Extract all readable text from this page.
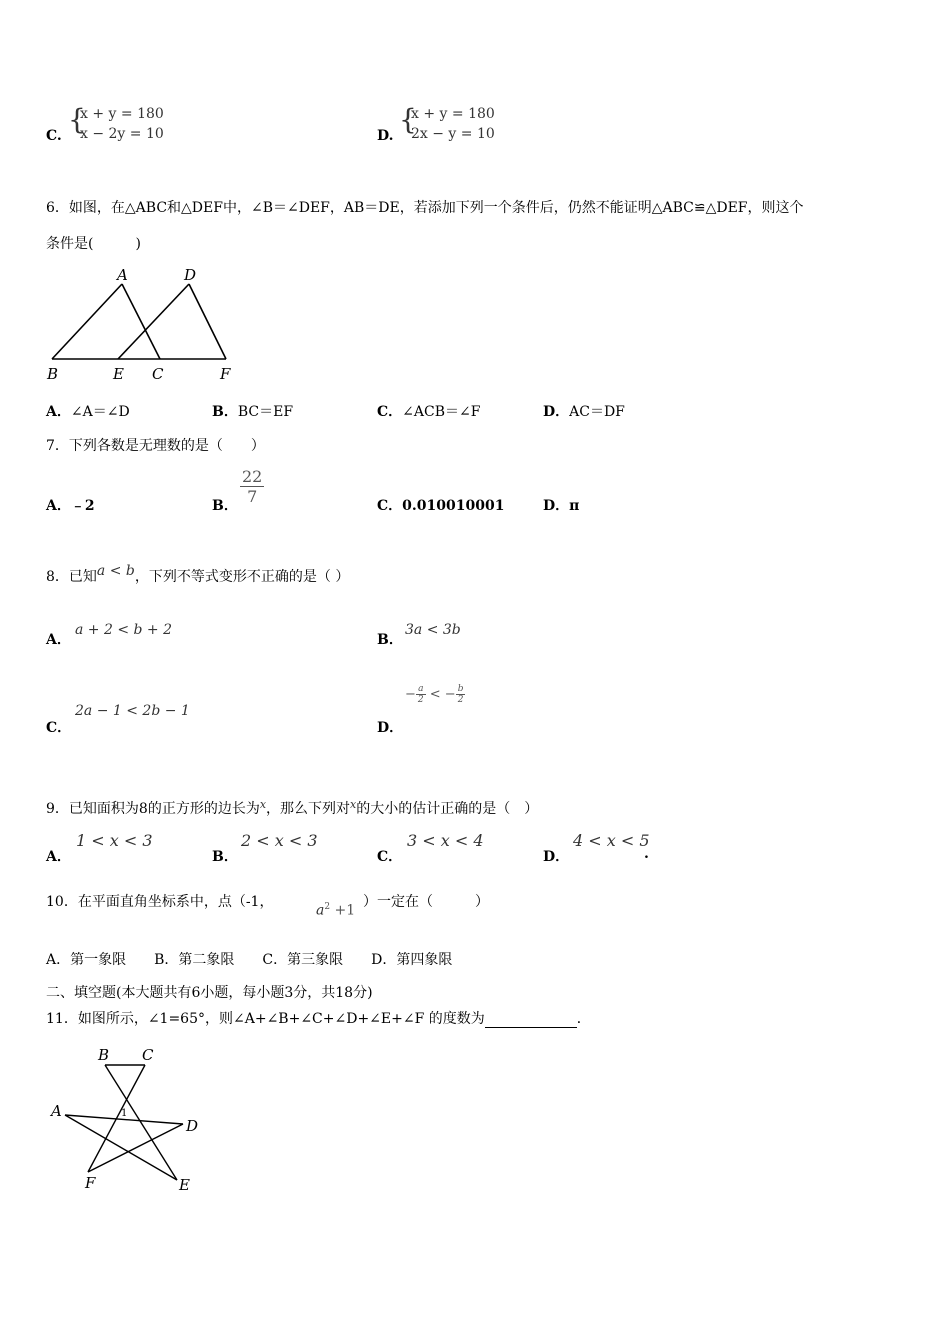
C. {
x + y = 180
x − 2y = 10	D. {
x + y = 180
2x − y = 10
6．如图，在△ABC和△DEF中，∠B＝∠DEF，AB＝DE，若添加下列一个条件后，仍然不能证明△ABC≌△DEF，则这个
条件是(　　　)
A	D
B	E C	F
A．∠A＝∠D	B．BC＝EF	C．∠ACB＝∠F	D．AC＝DF
7．下列各数是无理数的是（　　）
A．﹣2	B． $\frac{22}{7}$	C．0.010010001	D．π
8．已知a < b，下列不等式变形不正确的是（ ）
A．
a + 2 < b + 2
B．
3a < 3b
C．
2a − 1 < 2b − 1
D．
− $\frac{a}{2}$ < − $\frac{b}{2}$
9．已知面积为8的正方形的边长为$^x$，那么下列对$^x$的大小的估计正确的是（　）
A．
1 < x < 3
B．
2 < x < 3
C．
3 < x < 4
D．
4 < x < 5
.
10．在平面直角坐标系中，点（-1，
$a^2 +1$
）一定在（　　　）
A．第一象限　　B．第二象限　　C．第三象限　　D．第四象限
二、填空题(本大题共有6小题，每小题3分，共18分)
11．如图所示，∠1=65°，则∠A+∠B+∠C+∠D+∠E+∠F 的度数为	．
B C
A
D
F	E
1
